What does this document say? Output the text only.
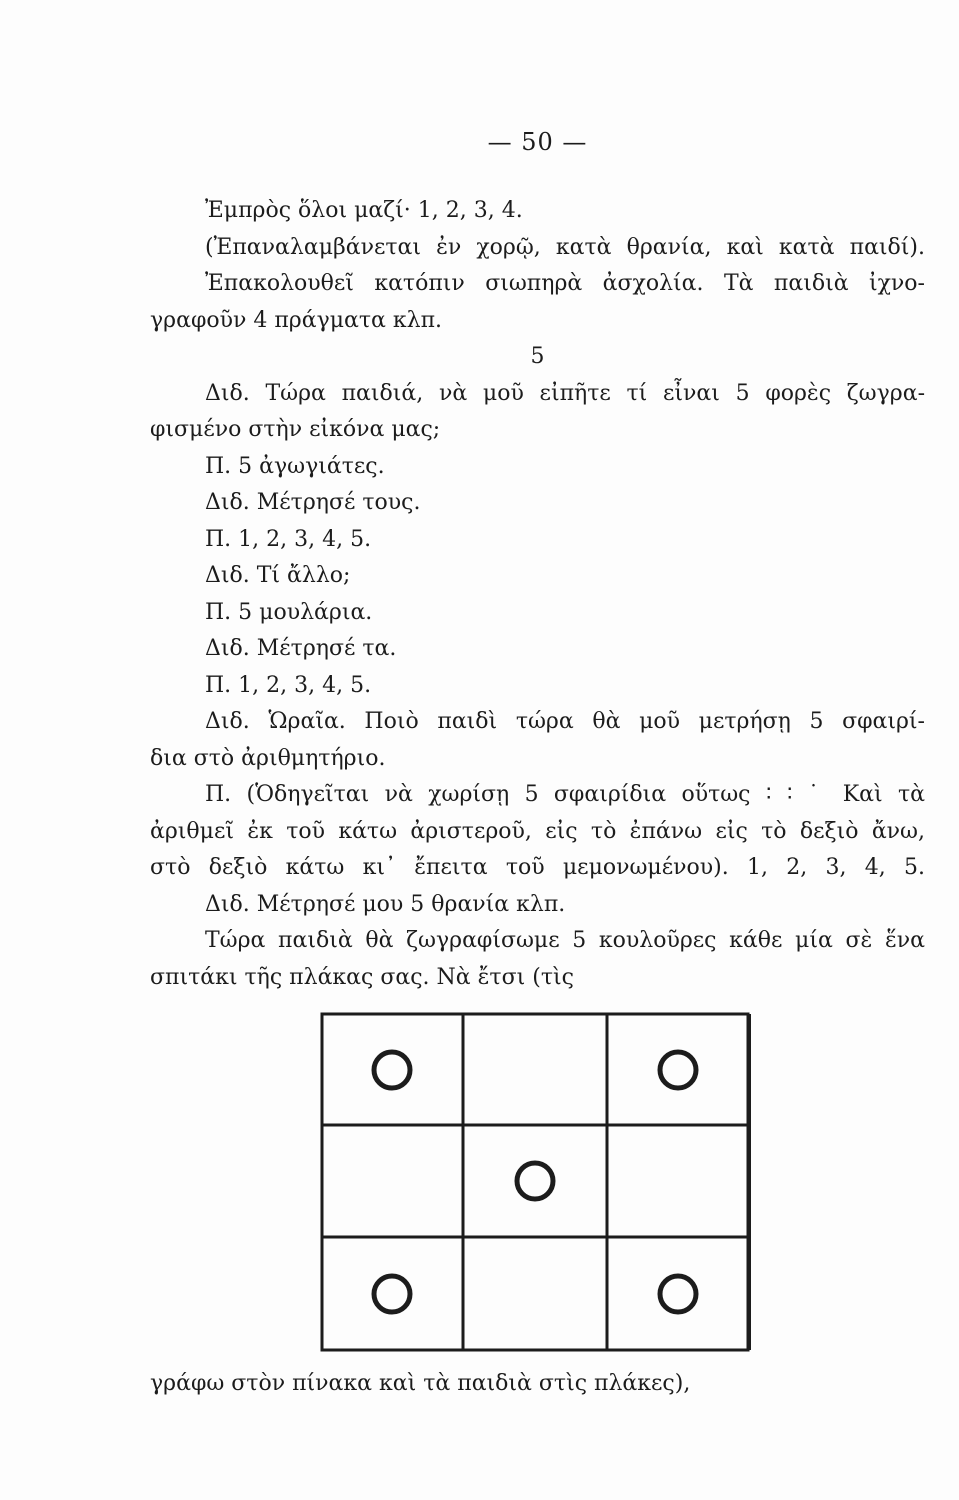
— 50 —
Ἐμπρὸς ὅλοι μαζί· 1, 2, 3, 4.
(Ἐπαναλαμβάνεται ἐν χορῷ, κατὰ θρανία, καὶ κατὰ παιδί).
Ἐπακολουθεῖ κατόπιν σιωπηρὰ ἀσχολία. Τὰ παιδιὰ ἰχνο-
γραφοῦν 4 πράγματα κλπ.
5
Διδ. Τώρα παιδιά, νὰ μοῦ εἰπῆτε τί εἶναι 5 φορὲς ζωγρα-
φισμένο στὴν εἰκόνα μας;
Π. 5 ἀγωγιάτες.
Διδ. Μέτρησέ τους.
Π. 1, 2, 3, 4, 5.
Διδ. Τί ἄλλο;
Π. 5 μουλάρια.
Διδ. Μέτρησέ τα.
Π. 1, 2, 3, 4, 5.
Διδ. Ὡραῖα. Ποιὸ παιδὶ τώρα θὰ μοῦ μετρήσῃ 5 σφαιρί-
δια στὸ ἀριθμητήριο.
Π. (Ὁδηγεῖται νὰ χωρίσῃ 5 σφαιρίδια οὕτως ∶ ∶ ˙ Καὶ τὰ
ἀριθμεῖ ἐκ τοῦ κάτω ἀριστεροῦ, εἰς τὸ ἐπάνω εἰς τὸ δεξιὸ ἄνω,
στὸ δεξιὸ κάτω κι᾽ ἔπειτα τοῦ μεμονωμένου). 1, 2, 3, 4, 5.
Διδ. Μέτρησέ μου 5 θρανία κλπ.
Τώρα παιδιὰ θὰ ζωγραφίσωμε 5 κουλοῦρες κάθε μία σὲ ἕνα
σπιτάκι τῆς πλάκας σας. Νὰ ἔτσι (τὶς
γράφω στὸν πίνακα καὶ τὰ παιδιὰ στὶς πλάκες),
